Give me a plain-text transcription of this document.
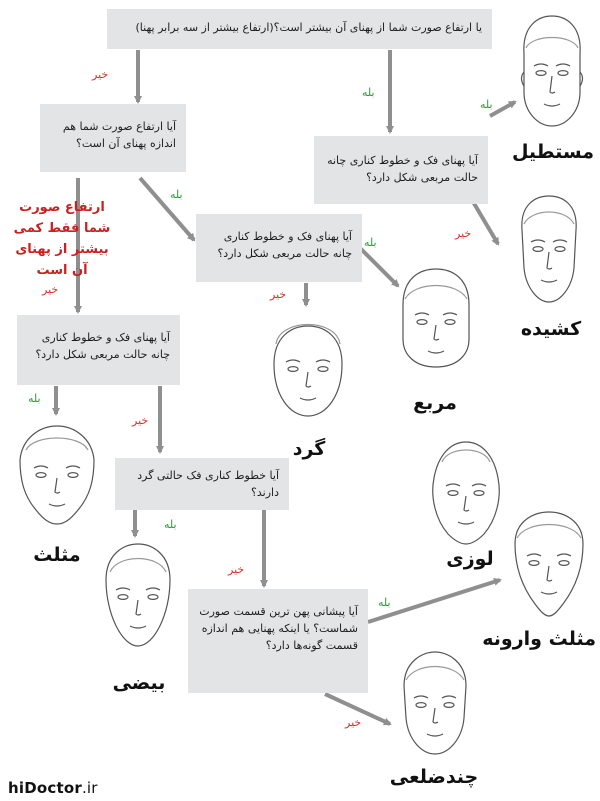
یا ارتفاع صورت شما از پهنای آن بیشتر است؟(ارتفاع بیشتر از سه برابر پهنا)
آیا ارتفاع صورت شما هم اندازه پهنای آن است؟
آیا پهنای فک و خطوط کناری چانه حالت مربعی شکل دارد؟
آیا پهنای فک و خطوط کناری چانه حالت مربعی شکل دارد؟
آیا پهنای فک و خطوط کناری چانه حالت مربعی شکل دارد؟
آیا خطوط کناری فک حالتی گرد دارند؟
آیا پیشانی پهن ترین قسمت صورت شماست؟ یا اینکه پهنایی هم اندازه قسمت گونه‌ها دارد؟
ارتفاع صورت شما فقط کمی بیشتر از پهنای آن است
خیر
بله
بله
خیر
بله
بله
خیر
خیر
بله
خیر
بله
خیر
بله
خیر
مستطیل
کشیده
مربع
گرد
مثلث	لوزی
مثلث وارونه
بیضی
چندضلعی
hiDoctor.ir
